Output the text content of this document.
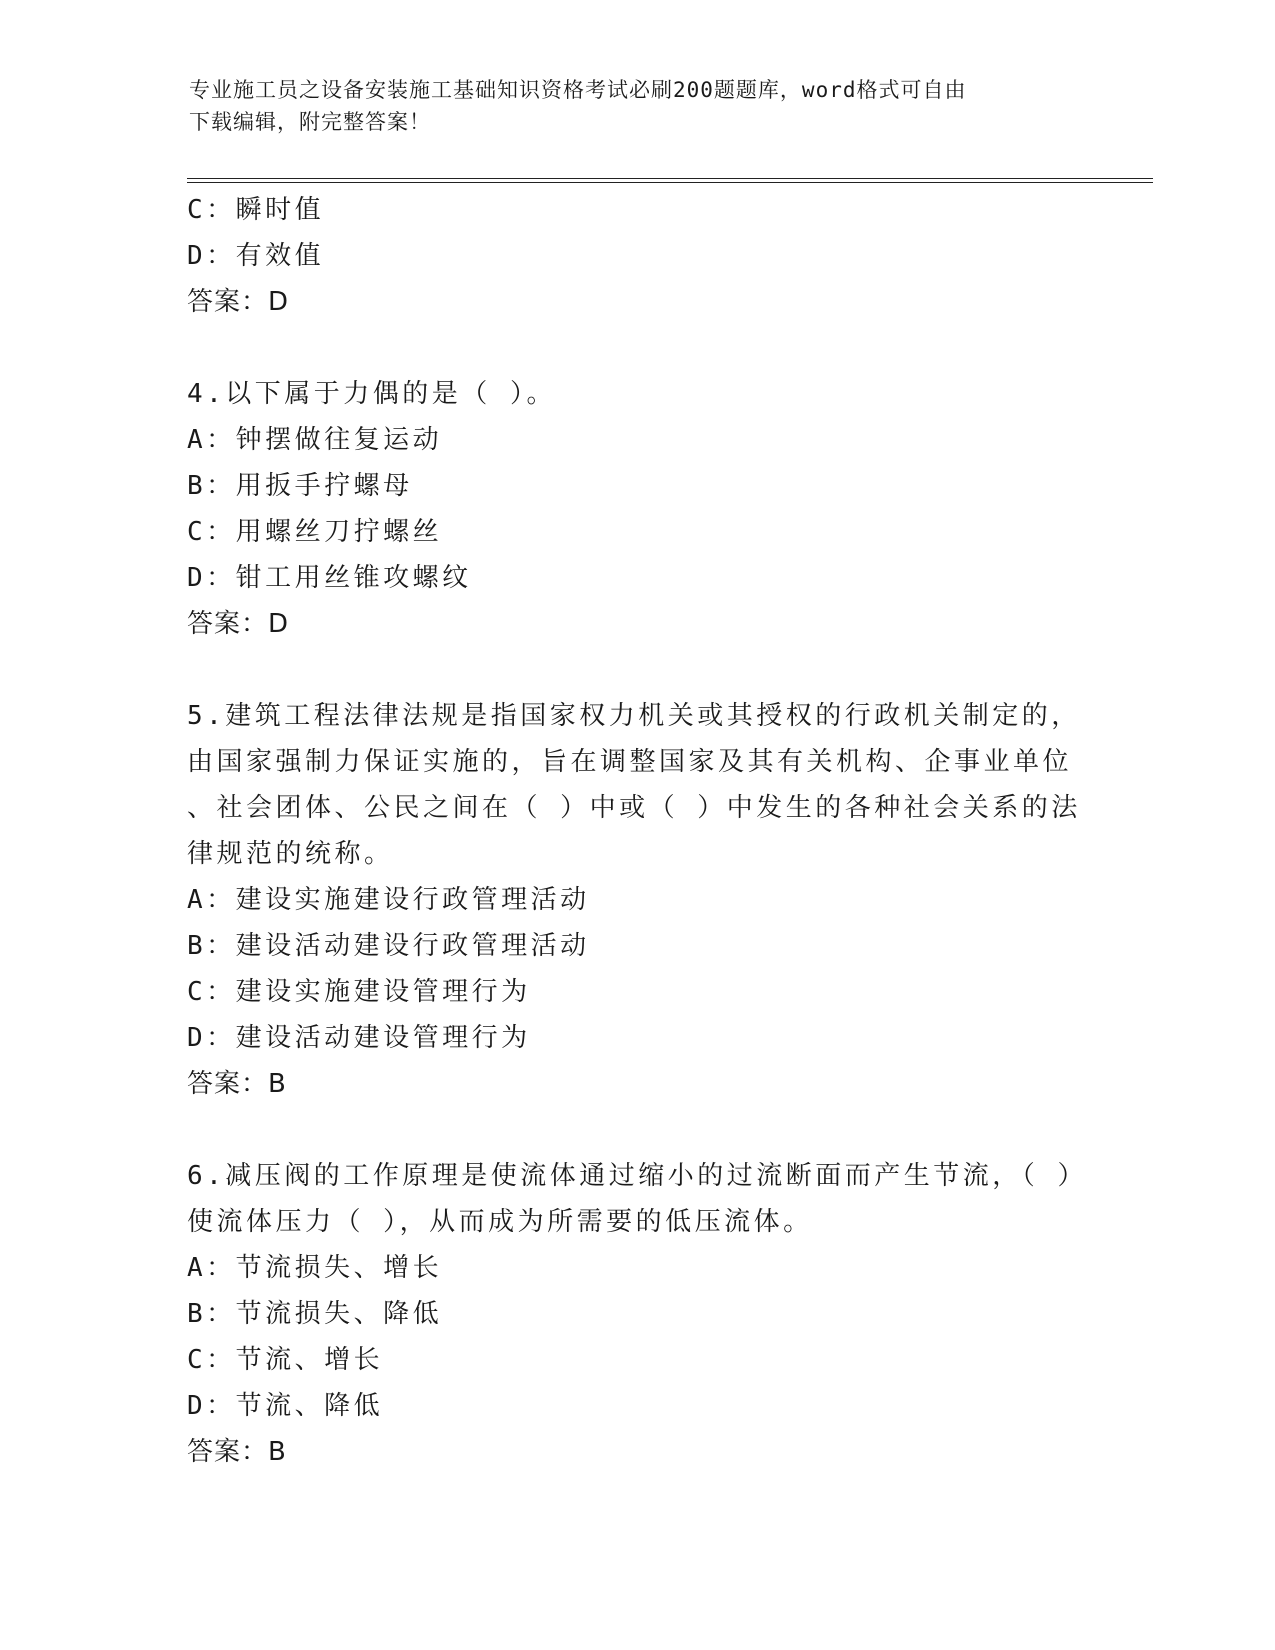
专业施工员之设备安装施工基础知识资格考试必刷200题题库，word格式可自由
下载编辑，附完整答案！
C：瞬时值
D：有效值
答案：D
4.以下属于力偶的是（ ）。
A：钟摆做往复运动
B：用扳手拧螺母
C：用螺丝刀拧螺丝
D：钳工用丝锥攻螺纹
答案：D
5.建筑工程法律法规是指国家权力机关或其授权的行政机关制定的，
由国家强制力保证实施的，旨在调整国家及其有关机构、企事业单位
、社会团体、公民之间在（ ）中或（ ）中发生的各种社会关系的法
律规范的统称。
A：建设实施建设行政管理活动
B：建设活动建设行政管理活动
C：建设实施建设管理行为
D：建设活动建设管理行为
答案：B
6.减压阀的工作原理是使流体通过缩小的过流断面而产生节流，（ ）
使流体压力（ ），从而成为所需要的低压流体。
A：节流损失、增长
B：节流损失、降低
C：节流、增长
D：节流、降低
答案：B
